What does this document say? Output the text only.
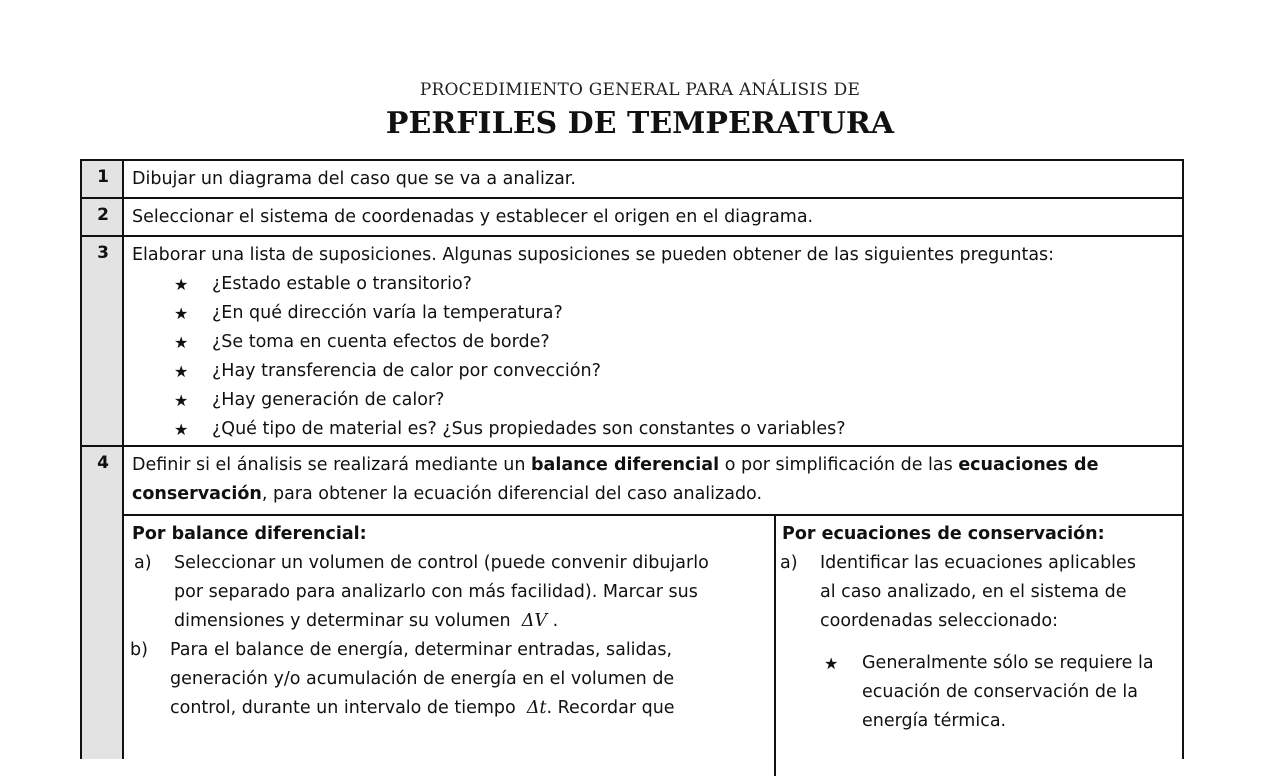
PROCEDIMIENTO GENERAL PARA ANÁLISIS DE
PERFILES DE TEMPERATURA
1	Dibujar un diagrama del caso que se va a analizar.
2	Seleccionar el sistema de coordenadas y establecer el origen en el diagrama.
3	Elaborar una lista de suposiciones. Algunas suposiciones se pueden obtener de las siguientes preguntas:
★ ¿Estado estable o transitorio?
★ ¿En qué dirección varía la temperatura?
★ ¿Se toma en cuenta efectos de borde?
★ ¿Hay transferencia de calor por convección?
★ ¿Hay generación de calor?
★ ¿Qué tipo de material es? ¿Sus propiedades son constantes o variables?
4	Definir si el ánalisis se realizará mediante un balance diferencial o por simplificación de las ecuaciones de
conservación, para obtener la ecuación diferencial del caso analizado.
Por balance diferencial:
a) Seleccionar un volumen de control (puede convenir dibujarlo
por separado para analizarlo con más facilidad). Marcar sus
dimensiones y determinar su volumen ΔV .
b) Para el balance de energía, determinar entradas, salidas,
generación y/o acumulación de energía en el volumen de
control, durante un intervalo de tiempo Δt. Recordar que
Por ecuaciones de conservación:
a) Identificar las ecuaciones aplicables
al caso analizado, en el sistema de
coordenadas seleccionado:
★ Generalmente sólo se requiere la
ecuación de conservación de la
energía térmica.
